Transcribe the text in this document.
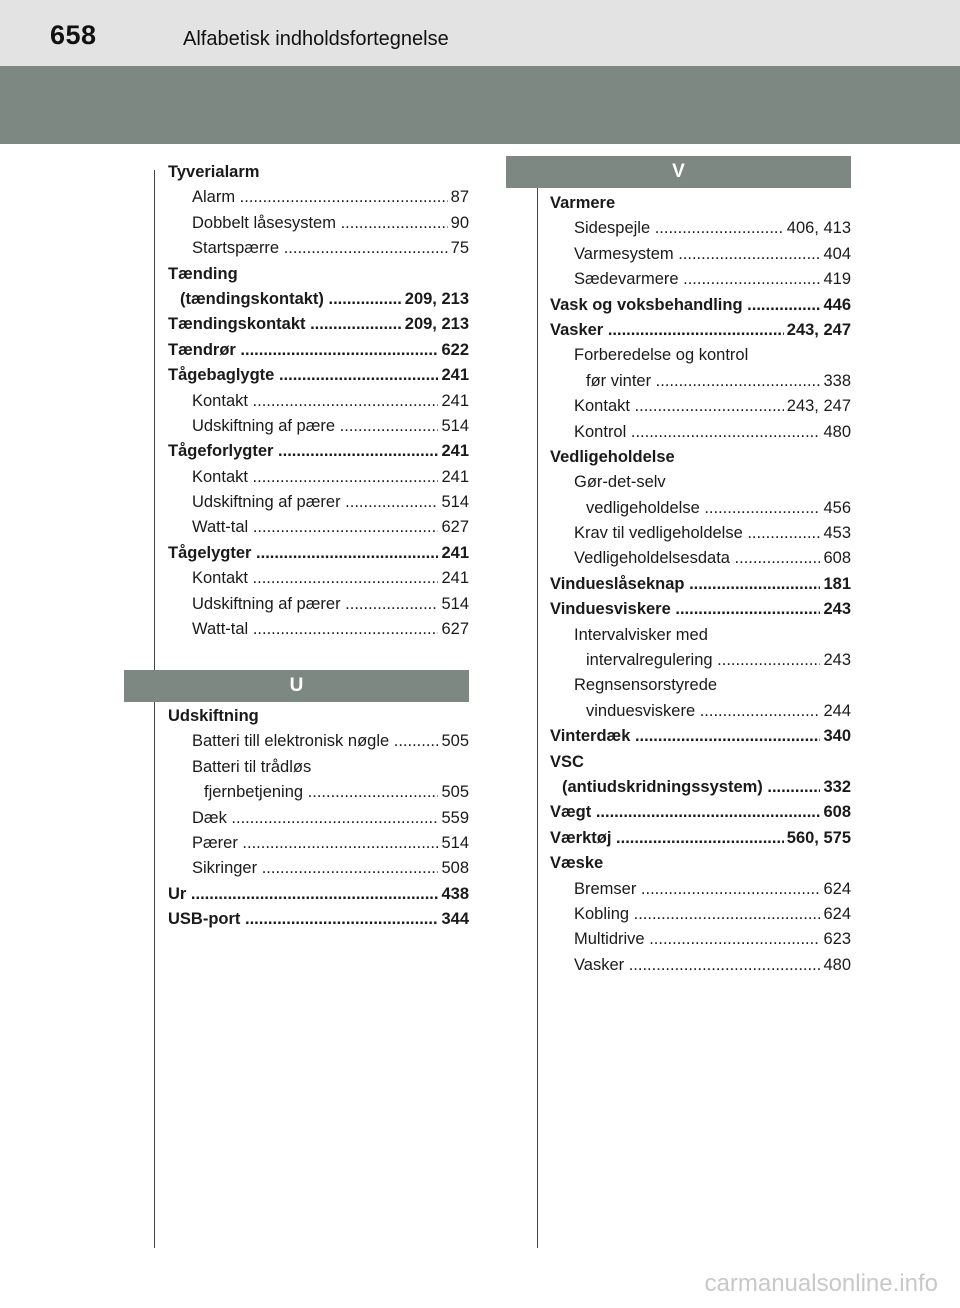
658	Alfabetisk indholdsfortegnelse
V
U
Tyverialarm
Alarm .....	87
Dobbelt låsesystem .....	90
Startspærre .....	75
Tænding
(tændingskontakt) .....	209, 213
Tændingskontakt .....	209, 213
Tændrør .....	622
Tågebaglygte .....	241
Kontakt .....	241
Udskiftning af pære .....	514
Tågeforlygter .....	241
Kontakt .....	241
Udskiftning af pærer .....	514
Watt-tal .....	627
Tågelygter .....	241
Kontakt .....	241
Udskiftning af pærer .....	514
Watt-tal .....	627
Udskiftning
Batteri till elektronisk nøgle .....	505
Batteri til trådløs
fjernbetjening .....	505
Dæk .....	559
Pærer .....	514
Sikringer .....	508
Ur .....	438
USB-port .....	344
Varmere
Sidespejle .....	406, 413
Varmesystem .....	404
Sædevarmere .....	419
Vask og voksbehandling .....	446
Vasker .....	243, 247
Forberedelse og kontrol
før vinter .....	338
Kontakt .....	243, 247
Kontrol .....	480
Vedligeholdelse
Gør-det-selv
vedligeholdelse .....	456
Krav til vedligeholdelse .....	453
Vedligeholdelsesdata .....	608
Vindueslåseknap .....	181
Vinduesviskere .....	243
Intervalvisker med
intervalregulering .....	243
Regnsensorstyrede
vinduesviskere .....	244
Vinterdæk .....	340
VSC
(antiudskridningssystem) .....	332
Vægt .....	608
Værktøj .....	560, 575
Væske
Bremser .....	624
Kobling .....	624
Multidrive .....	623
Vasker .....	480
carmanualsonline.info
